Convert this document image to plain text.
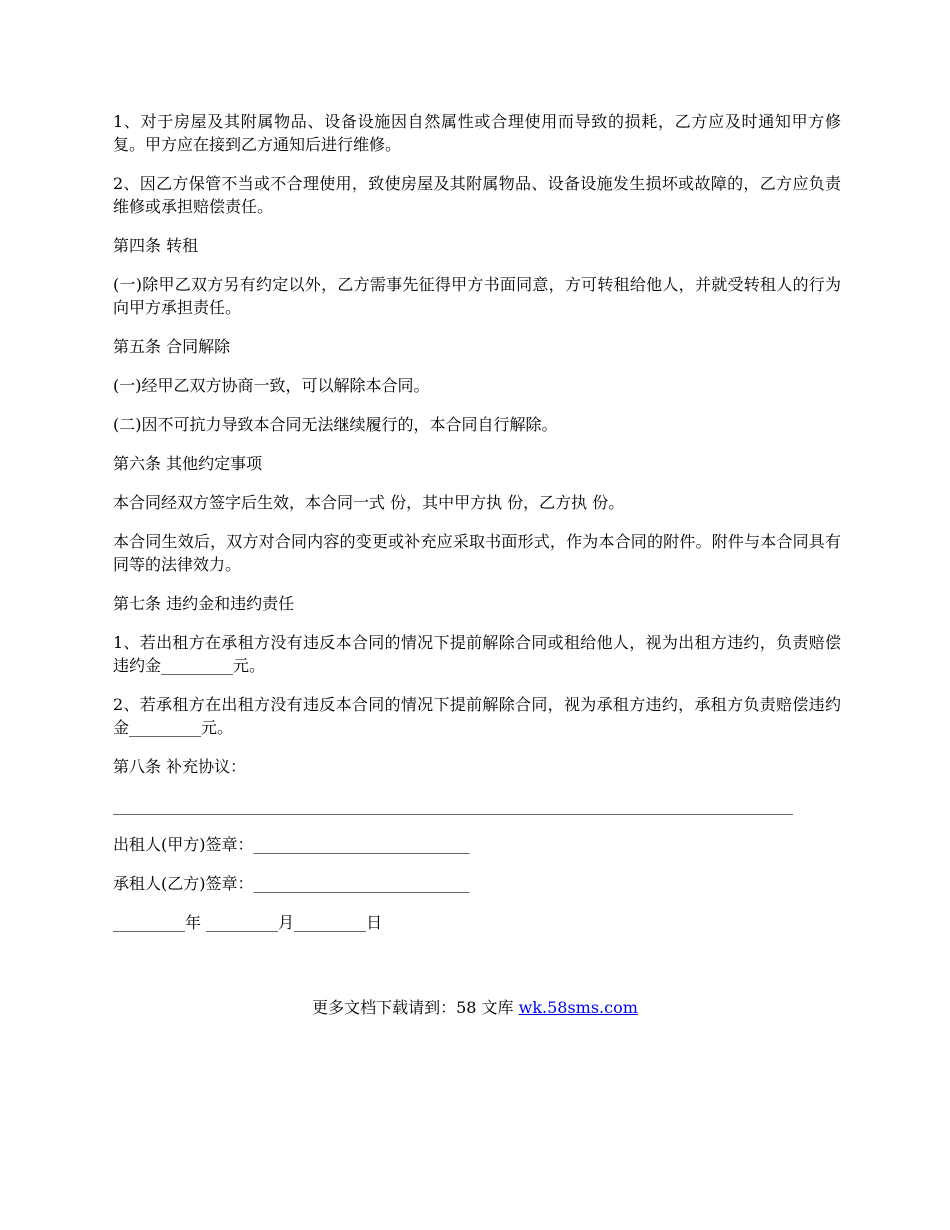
1、对于房屋及其附属物品、设备设施因自然属性或合理使用而导致的损耗，乙方应及时通知甲方修复。甲方应在接到乙方通知后进行维修。

2、因乙方保管不当或不合理使用，致使房屋及其附属物品、设备设施发生损坏或故障的，乙方应负责维修或承担赔偿责任。

第四条 转租

(一)除甲乙双方另有约定以外，乙方需事先征得甲方书面同意，方可转租给他人，并就受转租人的行为向甲方承担责任。

第五条 合同解除

(一)经甲乙双方协商一致，可以解除本合同。

(二)因不可抗力导致本合同无法继续履行的，本合同自行解除。

第六条 其他约定事项

本合同经双方签字后生效，本合同一式 份，其中甲方执 份，乙方执 份。

本合同生效后，双方对合同内容的变更或补充应采取书面形式，作为本合同的附件。附件与本合同具有同等的法律效力。

第七条 违约金和违约责任

1、若出租方在承租方没有违反本合同的情况下提前解除合同或租给他人，视为出租方违约，负责赔偿违约金_________元。

2、若承租方在出租方没有违反本合同的情况下提前解除合同，视为承租方违约，承租方负责赔偿违约金_________元。

第八条 补充协议：

_____________________________________________________________________________________

出租人(甲方)签章：___________________________

承租人(乙方)签章：___________________________

_________年 _________月_________日

更多文档下载请到：58 文库 wk.58sms.com
